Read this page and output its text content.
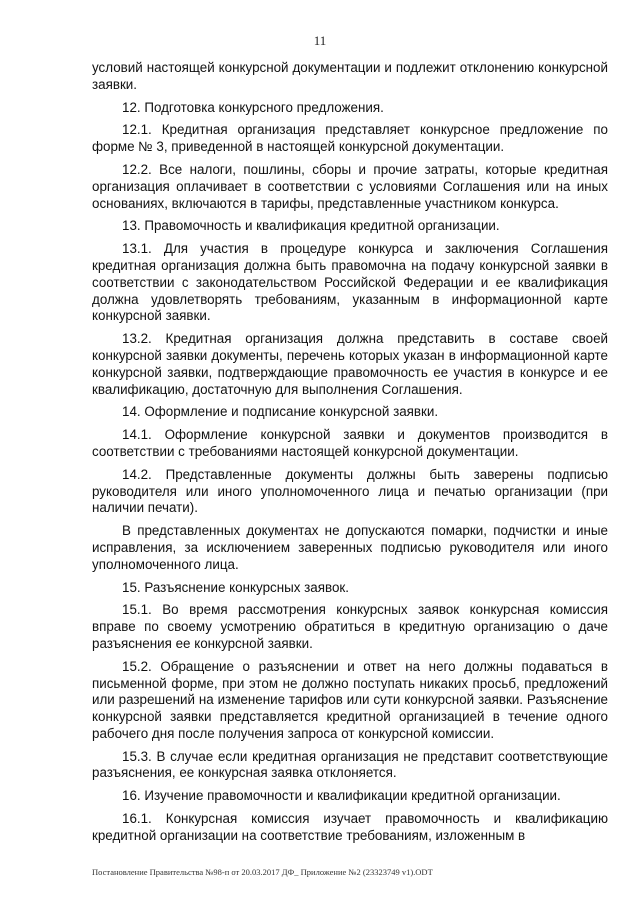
11

условий настоящей конкурсной документации и подлежит отклонению конкурсной заявки.

12. Подготовка конкурсного предложения.

12.1. Кредитная организация представляет конкурсное предложение по форме № 3, приведенной в настоящей конкурсной документации.

12.2. Все налоги, пошлины, сборы и прочие затраты, которые кредитная организация оплачивает в соответствии с условиями Соглашения или на иных основаниях, включаются в тарифы, представленные участником конкурса.

13. Правомочность и квалификация кредитной организации.

13.1. Для участия в процедуре конкурса и заключения Соглашения кредитная организация должна быть правомочна на подачу конкурсной заявки в соответствии с законодательством Российской Федерации и ее квалификация должна удовлетворять требованиям, указанным в информационной карте конкурсной заявки.

13.2. Кредитная организация должна представить в составе своей конкурсной заявки документы, перечень которых указан в информационной карте конкурсной заявки, подтверждающие правомочность ее участия в конкурсе и ее квалификацию, достаточную для выполнения Соглашения.

14. Оформление и подписание конкурсной заявки.

14.1. Оформление конкурсной заявки и документов производится в соответствии с требованиями настоящей конкурсной документации.

14.2. Представленные документы должны быть заверены подписью руководителя или иного уполномоченного лица и печатью организации (при наличии печати).

В представленных документах не допускаются помарки, подчистки и иные исправления, за исключением заверенных подписью руководителя или иного уполномоченного лица.

15. Разъяснение конкурсных заявок.

15.1. Во время рассмотрения конкурсных заявок конкурсная комиссия вправе по своему усмотрению обратиться в кредитную организацию о даче разъяснения ее конкурсной заявки.

15.2. Обращение о разъяснении и ответ на него должны подаваться в письменной форме, при этом не должно поступать никаких просьб, предложений или разрешений на изменение тарифов или сути конкурсной заявки. Разъяснение конкурсной заявки представляется кредитной организацией в течение одного рабочего дня после получения запроса от конкурсной комиссии.

15.3. В случае если кредитная организация не представит соответствующие разъяснения, ее конкурсная заявка отклоняется.

16. Изучение правомочности и квалификации кредитной организации.

16.1. Конкурсная комиссия изучает правомочность и квалификацию кредитной организации на соответствие требованиям, изложенным в

Постановление Правительства №98-п от 20.03.2017 ДФ_ Приложение №2 (23323749 v1).ODT
